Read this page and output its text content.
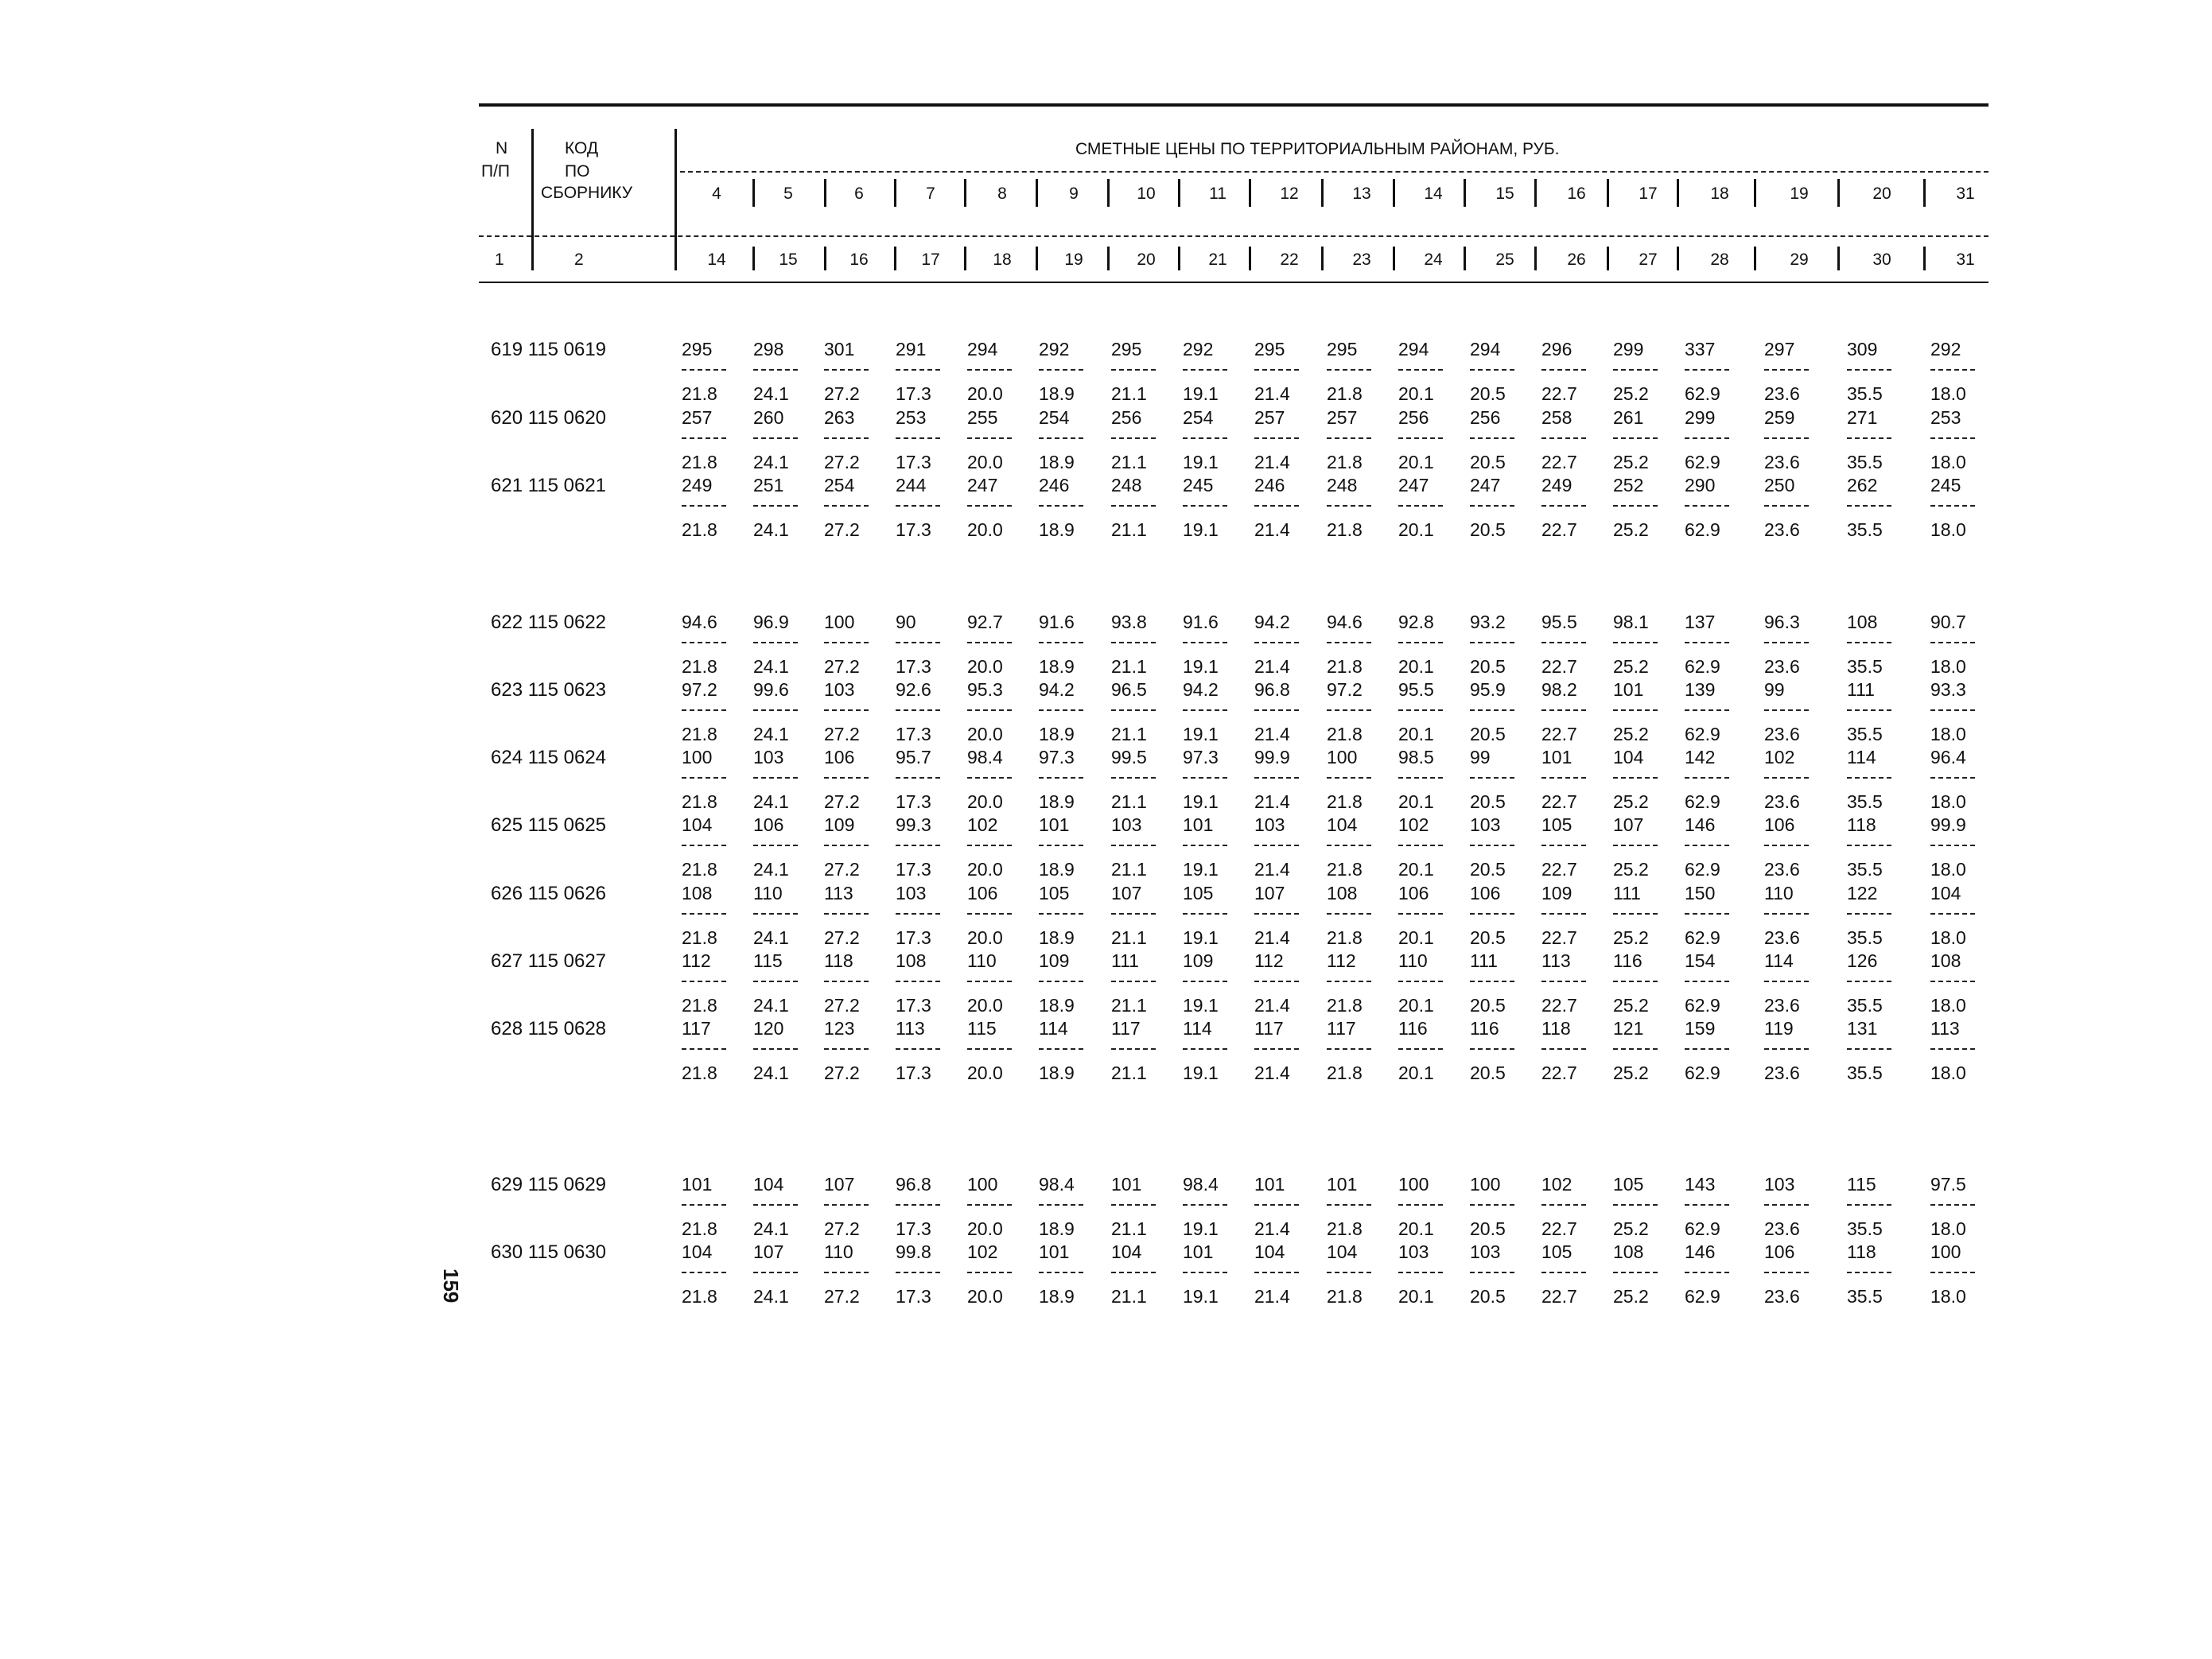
N
П/П
КОД
ПО
СБОРНИКУ
СМЕТНЫЕ ЦЕНЫ ПО ТЕРРИТОРИАЛЬНЫМ РАЙОНАМ, РУБ.
4	5	6	7	8	9	10	11	12	13	14	15	16	17	18	19	20	31
1	2	14	15	16	17	18	19	20	21	22	23	24	25	26	27	28	29	30	31
619 115 0619	295 298 301 291 294 292 295 292 295 295 294 294 296 299 337	297	309	292
21.8 24.1 27.2 17.3 20.0 18.9 21.1 19.1 21.4 21.8 20.1 20.5 22.7 25.2 62.9 23.6	35.5	18.0
620 115 0620	257 260 263 253 255 254 256 254 257 257 256 256 258 261 299	259	271	253
21.8 24.1 27.2 17.3 20.0 18.9 21.1 19.1 21.4 21.8 20.1 20.5 22.7 25.2 62.9 23.6	35.5	18.0
621 115 0621	249 251 254 244 247 246 248 245 246 248 247 247 249 252 290	250	262	245
21.8 24.1 27.2 17.3 20.0 18.9 21.1 19.1 21.4 21.8 20.1 20.5 22.7 25.2 62.9 23.6	35.5	18.0
622 115 0622	94.6 96.9 100 90	92.7 91.6 93.8 91.6 94.2 94.6 92.8 93.2 95.5 98.1 137	96.3	108	90.7
21.8 24.1 27.2 17.3 20.0 18.9 21.1 19.1 21.4 21.8 20.1 20.5 22.7 25.2 62.9 23.6	35.5	18.0
623 115 0623	97.2 99.6 103 92.6 95.3 94.2 96.5 94.2 96.8 97.2 95.5 95.9 98.2 101 139	99	111	93.3
21.8 24.1 27.2 17.3 20.0 18.9 21.1 19.1 21.4 21.8 20.1 20.5 22.7 25.2 62.9 23.6	35.5	18.0
624 115 0624	100 103 106 95.7 98.4 97.3 99.5 97.3 99.9 100 98.5 99	101 104 142	102	114	96.4
21.8 24.1 27.2 17.3 20.0 18.9 21.1 19.1 21.4 21.8 20.1 20.5 22.7 25.2 62.9 23.6	35.5	18.0
625 115 0625	104 106 109 99.3 102 101 103 101 103 104 102 103 105 107 146	106	118	99.9
21.8 24.1 27.2 17.3 20.0 18.9 21.1 19.1 21.4 21.8 20.1 20.5 22.7 25.2 62.9 23.6	35.5	18.0
626 115 0626	108 110 113 103 106 105 107 105 107 108 106 106 109 111 150	110	122	104
21.8 24.1 27.2 17.3 20.0 18.9 21.1 19.1 21.4 21.8 20.1 20.5 22.7 25.2 62.9 23.6	35.5	18.0
627 115 0627	112 115 118 108 110 109 111 109 112 112 110 111 113 116 154	114	126	108
21.8 24.1 27.2 17.3 20.0 18.9 21.1 19.1 21.4 21.8 20.1 20.5 22.7 25.2 62.9 23.6	35.5	18.0
628 115 0628	117 120 123 113 115 114 117 114 117 117 116 116 118 121 159	119	131	113
21.8 24.1 27.2 17.3 20.0 18.9 21.1 19.1 21.4 21.8 20.1 20.5 22.7 25.2 62.9 23.6	35.5	18.0
629 115 0629	101 104 107 96.8 100 98.4 101 98.4 101 101 100 100 102 105 143	103	115	97.5
21.8 24.1 27.2 17.3 20.0 18.9 21.1 19.1 21.4 21.8 20.1 20.5 22.7 25.2 62.9 23.6	35.5	18.0
630 115 0630	104 107 110 99.8 102 101 104 101 104 104 103 103 105 108 146	106	118	100
21.8 24.1 27.2 17.3 20.0 18.9 21.1 19.1 21.4 21.8 20.1 20.5 22.7 25.2 62.9 23.6	35.5	18.0
159
